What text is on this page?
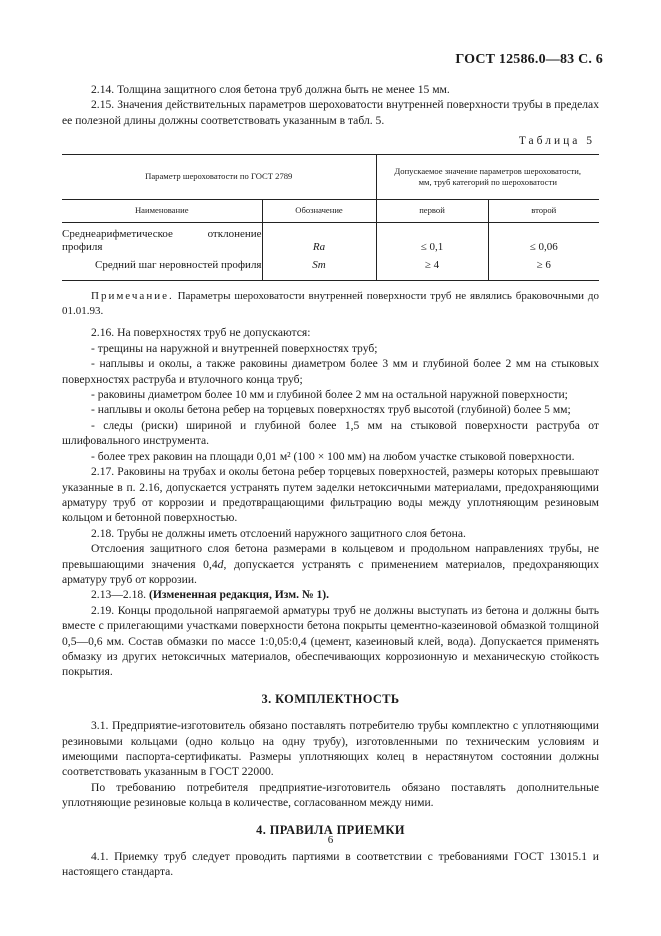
ГОСТ 12586.0—83 С. 6

2.14. Толщина защитного слоя бетона труб должна быть не менее 15 мм.

2.15. Значения действительных параметров шероховатости внутренней поверхности трубы в пределах ее полезной длины должны соответствовать указанным в табл. 5.

Таблица 5
Параметр шероховатости по ГОСТ 2789		Допускаемое значение параметров шероховатости, мм, труб категорий по шероховатости	
Наименование	Обозначение	первой	второй
Среднеарифметическое отклонение профиля	Ra	≤ 0,1	≤ 0,06
Средний шаг неровностей профиля	Sm	≥ 4	≥ 6

Примечание. Параметры шероховатости внутренней поверхности труб не являлись браковочными до 01.01.93.

2.16. На поверхностях труб не допускаются:

- трещины на наружной и внутренней поверхностях труб;

- наплывы и околы, а также раковины диаметром более 3 мм и глубиной более 2 мм на стыковых поверхностях раструба и втулочного конца труб;

- раковины диаметром более 10 мм и глубиной более 2 мм на остальной наружной поверхности;

- наплывы и околы бетона ребер на торцевых поверхностях труб высотой (глубиной) более 5 мм;

- следы (риски) шириной и глубиной более 1,5 мм на стыковой поверхности раструба от шлифовального инструмента.

- более трех раковин на площади 0,01 м² (100 × 100 мм) на любом участке стыковой поверхности.

2.17. Раковины на трубах и околы бетона ребер торцевых поверхностей, размеры которых превышают указанные в п. 2.16, допускается устранять путем заделки нетоксичными материалами, предохраняющими арматуру труб от коррозии и предотвращающими фильтрацию воды между уплотняющим резиновым кольцом и бетонной поверхностью.

2.18. Трубы не должны иметь отслоений наружного защитного слоя бетона.

Отслоения защитного слоя бетона размерами в кольцевом и продольном направлениях трубы, не превышающими значения 0,4d, допускается устранять с применением материалов, предохраняющих арматуру труб от коррозии.

2.13—2.18. (Измененная редакция, Изм. № 1).

2.19. Концы продольной напрягаемой арматуры труб не должны выступать из бетона и должны быть вместе с прилегающими участками поверхности бетона покрыты цементно-казеиновой обмазкой толщиной 0,5—0,6 мм. Состав обмазки по массе 1:0,05:0,4 (цемент, казеиновый клей, вода). Допускается применять обмазку из других нетоксичных материалов, обеспечивающих коррозионную и механическую стойкость покрытия.

3. КОМПЛЕКТНОСТЬ

3.1. Предприятие-изготовитель обязано поставлять потребителю трубы комплектно с уплотняющими резиновыми кольцами (одно кольцо на одну трубу), изготовленными по техническим условиям и имеющими паспорта-сертификаты. Размеры уплотняющих колец в нерастянутом состоянии должны соответствовать указанным в ГОСТ 22000.

По требованию потребителя предприятие-изготовитель обязано поставлять дополнительные уплотняющие резиновые кольца в количестве, согласованном между ними.

4. ПРАВИЛА ПРИЕМКИ

4.1. Приемку труб следует проводить партиями в соответствии с требованиями ГОСТ 13015.1 и настоящего стандарта.

6
